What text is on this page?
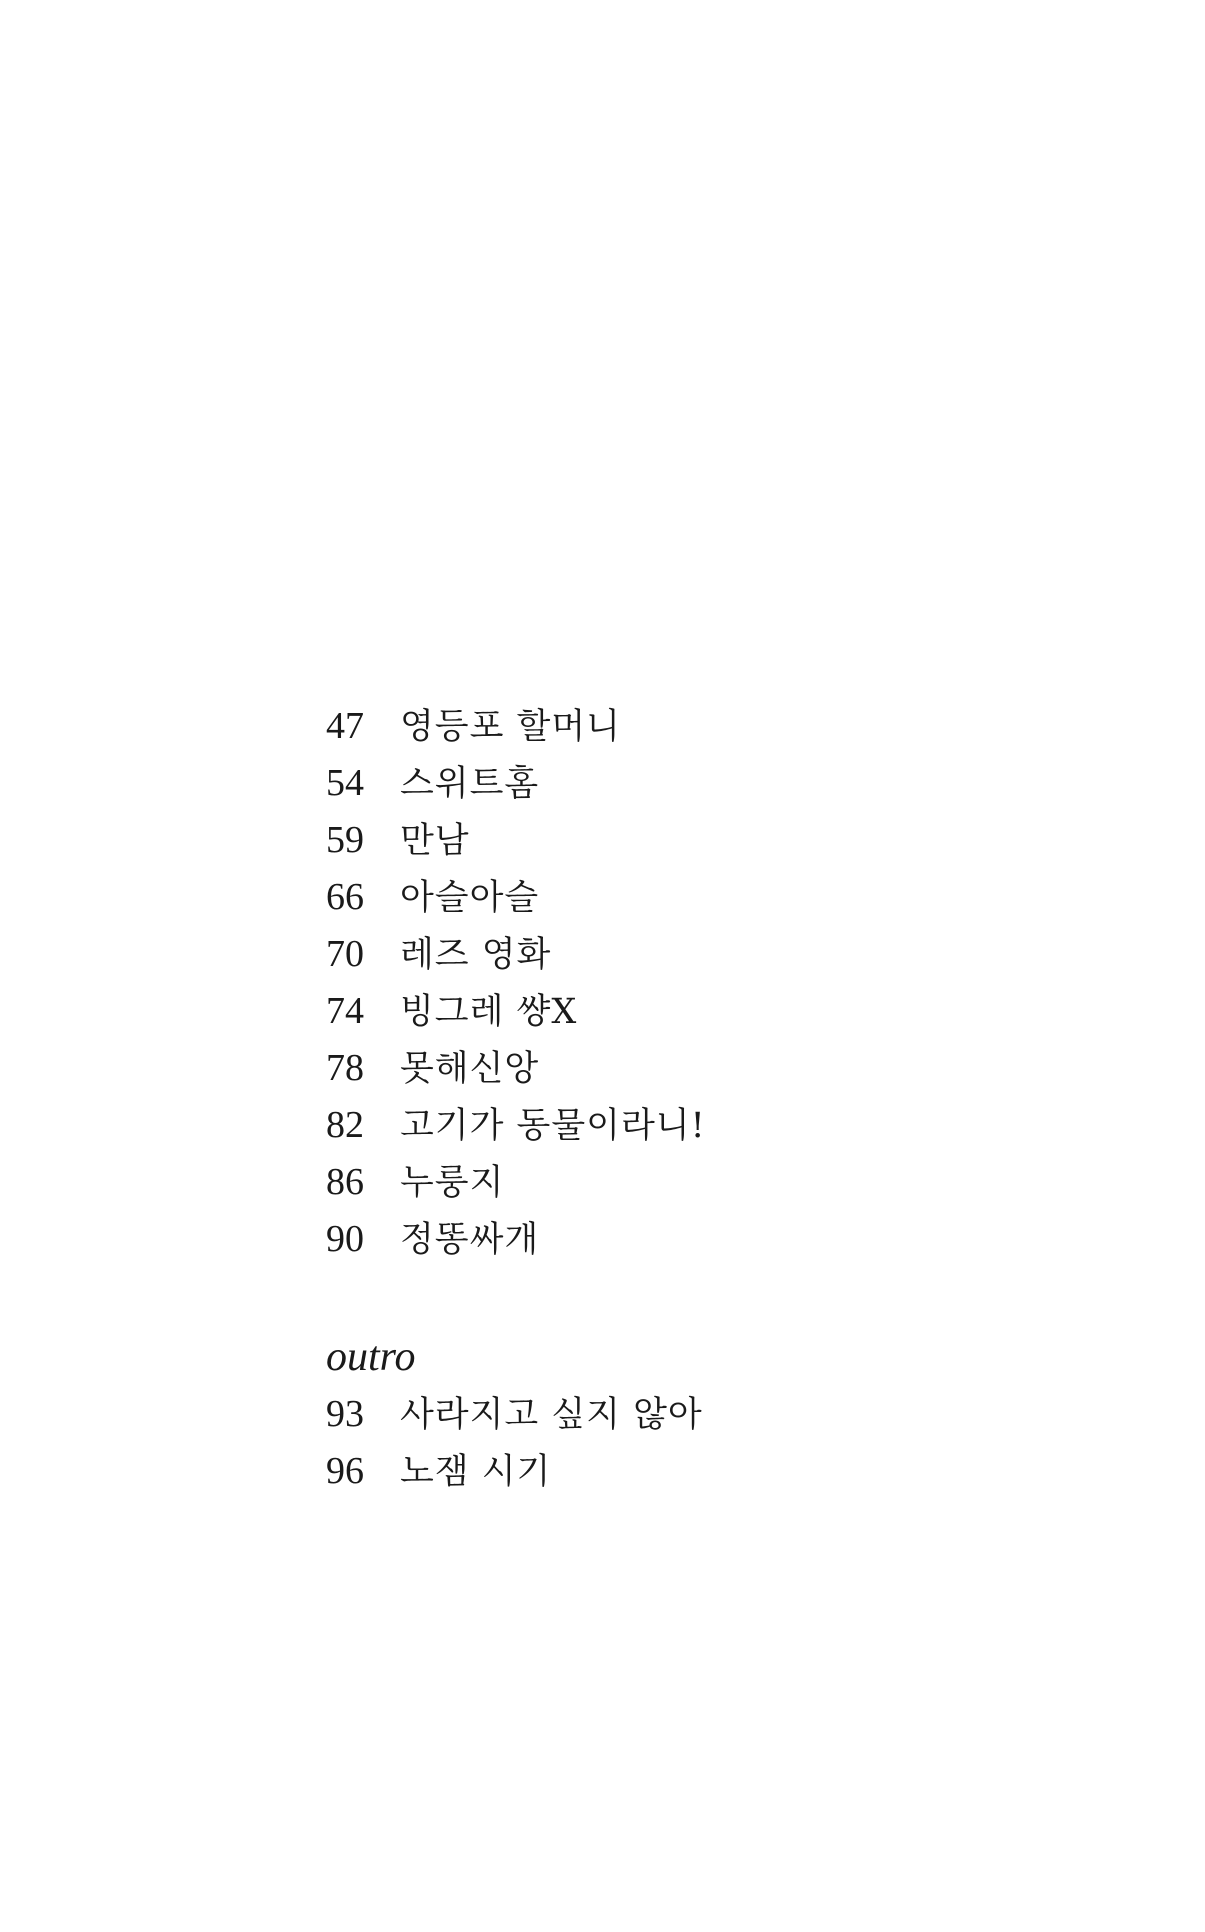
47	영등포 할머니
54	스위트홈
59	만남
66	아슬아슬
70	레즈 영화
74	빙그레 썅X
78	못해신앙
82	고기가 동물이라니!
86	누룽지
90	정똥싸개
outro
93	사라지고 싶지 않아
96	노잼 시기
